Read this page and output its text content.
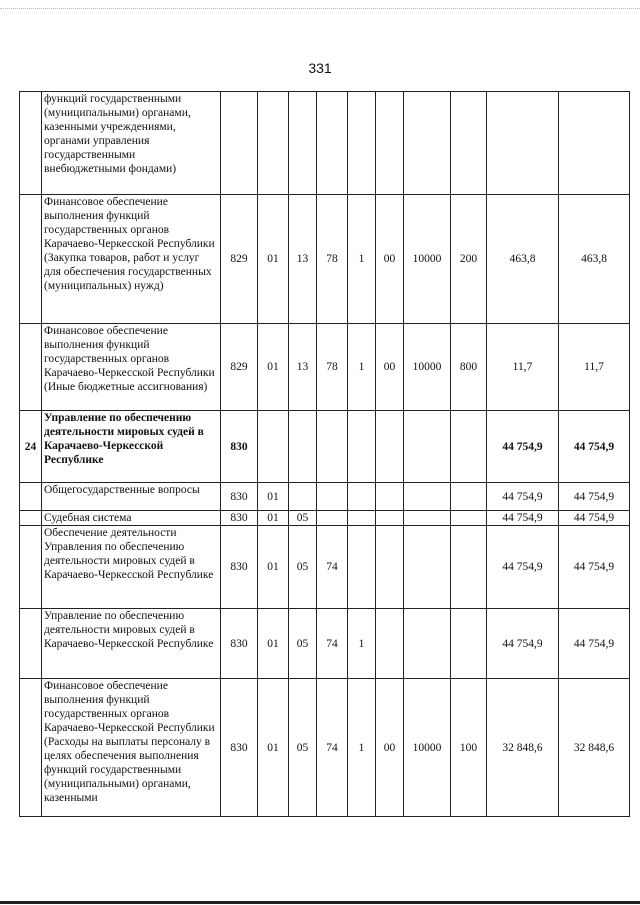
331
	функций государственными (муниципальными) органами, казенными учреждениями, органами управления государственными внебюджетными фондами)										
	Финансовое обеспечение выполнения функций государственных органов Карачаево-Черкесской Республики (Закупка товаров, работ и услуг для обеспечения государственных (муниципальных) нужд)	829	01	13	78	1	00	10000	200	463,8	463,8
	Финансовое обеспечение выполнения функций государственных органов Карачаево-Черкесской Республики (Иные бюджетные ассигнования)	829	01	13	78	1	00	10000	800	11,7	11,7
24	Управление по обеспечению деятельности мировых судей в Карачаево-Черкесской Республике	830								44 754,9	44 754,9
	Общегосударственные вопросы	830	01							44 754,9	44 754,9
	Судебная система	830	01	05						44 754,9	44 754,9
	Обеспечение деятельности Управления по обеспечению деятельности мировых судей в Карачаево-Черкесской Республике	830	01	05	74					44 754,9	44 754,9
	Управление по обеспечению деятельности мировых судей в Карачаево-Черкесской Республике	830	01	05	74	1				44 754,9	44 754,9
	Финансовое обеспечение выполнения функций государственных органов Карачаево-Черкесской Республики (Расходы на выплаты персоналу в целях обеспечения выполнения функций государственными (муниципальными) органами, казенными	830	01	05	74	1	00	10000	100	32 848,6	32 848,6
